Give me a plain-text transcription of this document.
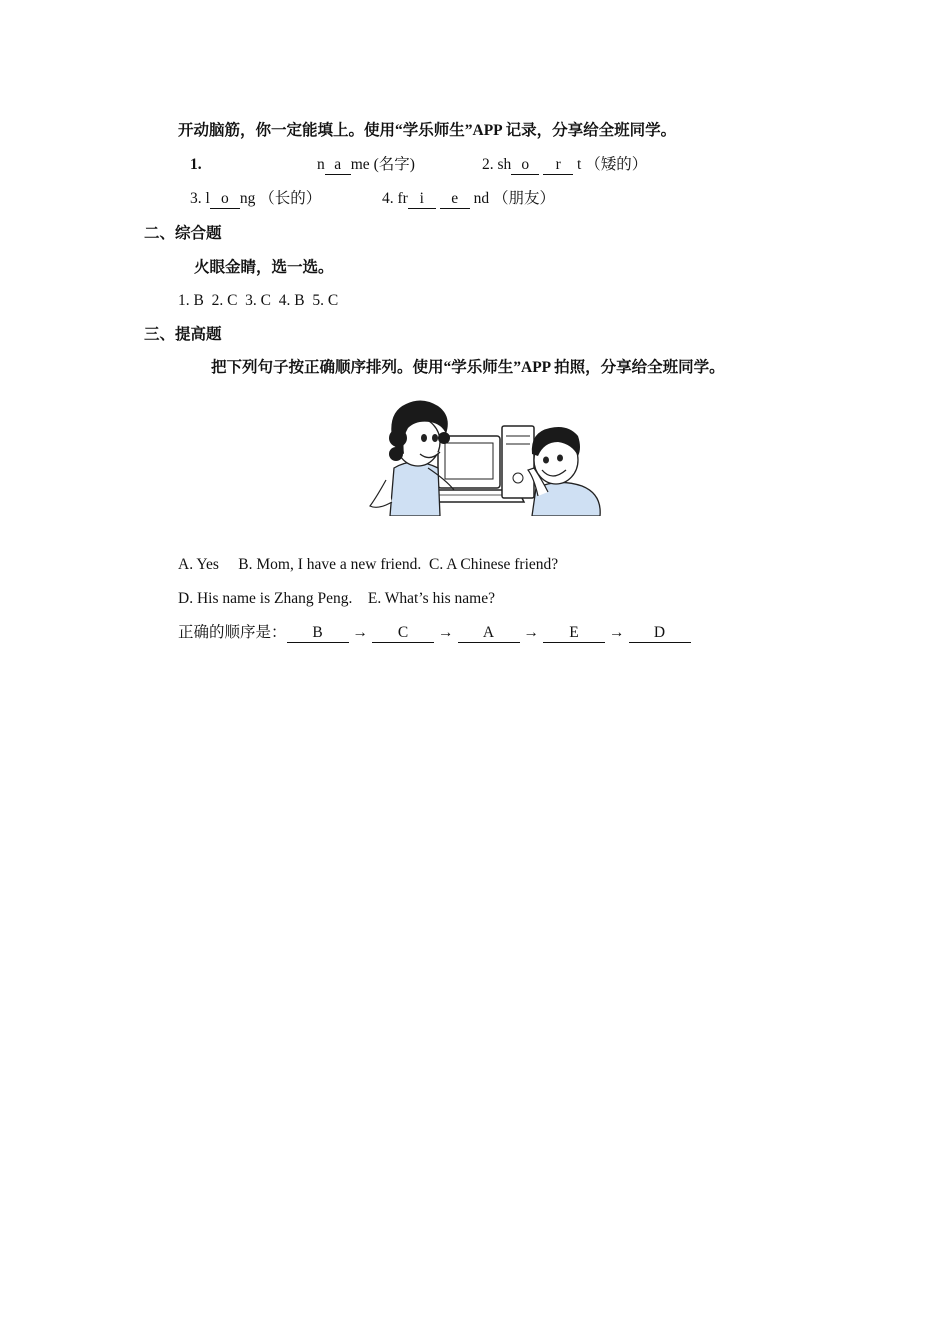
开动脑筋，你一定能填上。使用“学乐师生”APP 记录，分享给全班同学。
1.	n a me (名字)	2. sh o r t （矮的）
3. l o ng （长的）	4. fr i e nd （朋友）
二、综合题
火眼金睛，选一选。
1. B  2. C  3. C  4. B  5. C
三、提高题
把下列句子按正确顺序排列。使用“学乐师生”APP 拍照，分享给全班同学。
A. Yes     B. Mom, I have a new friend.  C. A Chinese friend?
D. His name is Zhang Peng.    E. What’s his name?
正确的顺序是： B → C → A → E → D
